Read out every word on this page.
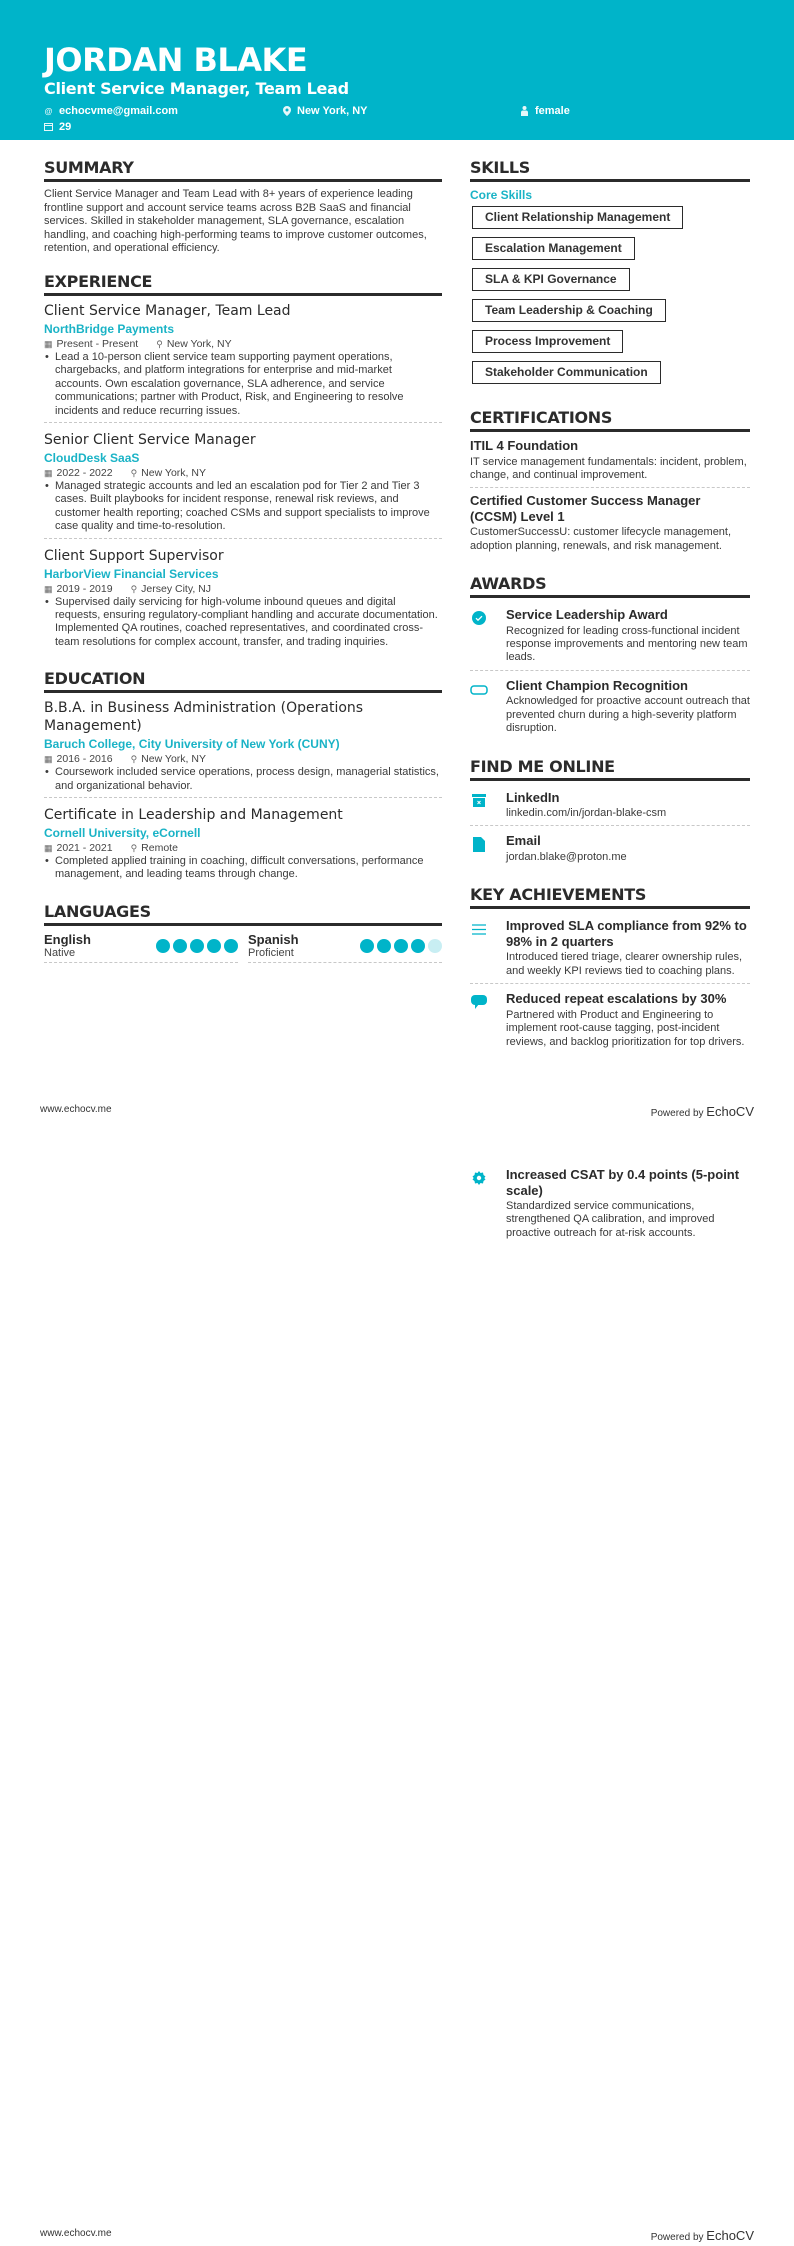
JORDAN BLAKE
Client Service Manager, Team Lead
@ echocvme@gmail.com	New York, NY	female
29
SUMMARY

Client Service Manager and Team Lead with 8+ years of experience leading frontline support and account service teams across B2B SaaS and financial services. Skilled in stakeholder management, SLA governance, escalation handling, and coaching high-performing teams to improve customer outcomes, retention, and operational efficiency.

EXPERIENCE
Client Service Manager, Team Lead
NorthBridge Payments
▦ Present - Present ⚲ New York, NY
• Lead a 10-person client service team supporting payment operations, chargebacks, and platform integrations for enterprise and mid-market accounts. Own escalation governance, SLA adherence, and service communications; partner with Product, Risk, and Engineering to resolve incidents and reduce recurring issues.
Senior Client Service Manager
CloudDesk SaaS
▦ 2022 - 2022 ⚲ New York, NY
• Managed strategic accounts and led an escalation pod for Tier 2 and Tier 3 cases. Built playbooks for incident response, renewal risk reviews, and customer health reporting; coached CSMs and support specialists to improve case quality and time-to-resolution.
Client Support Supervisor
HarborView Financial Services
▦ 2019 - 2019 ⚲ Jersey City, NJ
• Supervised daily servicing for high-volume inbound queues and digital requests, ensuring regulatory-compliant handling and accurate documentation. Implemented QA routines, coached representatives, and coordinated cross-team resolutions for complex account, transfer, and trading inquiries.
EDUCATION
B.B.A. in Business Administration (Operations Management)
Baruch College, City University of New York (CUNY)
▦ 2016 - 2016 ⚲ New York, NY
• Coursework included service operations, process design, managerial statistics, and organizational behavior.
Certificate in Leadership and Management
Cornell University, eCornell
▦ 2021 - 2021 ⚲ Remote
• Completed applied training in coaching, difficult conversations, performance management, and leading teams through change.
LANGUAGES
English
Native
Spanish
Proficient
SKILLS
Core Skills
Client Relationship Management
Escalation Management
SLA & KPI Governance
Team Leadership & Coaching
Process Improvement
Stakeholder Communication
CERTIFICATIONS
ITIL 4 Foundation
IT service management fundamentals: incident, problem, change, and continual improvement.
Certified Customer Success Manager (CCSM) Level 1
CustomerSuccessU: customer lifecycle management, adoption planning, renewals, and risk management.
AWARDS
Service Leadership Award
Recognized for leading cross-functional incident response improvements and mentoring new team leads.
Client Champion Recognition
Acknowledged for proactive account outreach that prevented churn during a high-severity platform disruption.
FIND ME ONLINE
LinkedIn
linkedin.com/in/jordan-blake-csm
Email
jordan.blake@proton.me
KEY ACHIEVEMENTS
Improved SLA compliance from 92% to 98% in 2 quarters
Introduced tiered triage, clearer ownership rules, and weekly KPI reviews tied to coaching plans.
Reduced repeat escalations by 30%
Partnered with Product and Engineering to implement root-cause tagging, post-incident reviews, and backlog prioritization for top drivers.
www.echocv.me	Powered by EchoCV
Increased CSAT by 0.4 points (5-point scale)
Standardized service communications, strengthened QA calibration, and improved proactive outreach for at-risk accounts.
www.echocv.me	Powered by EchoCV
